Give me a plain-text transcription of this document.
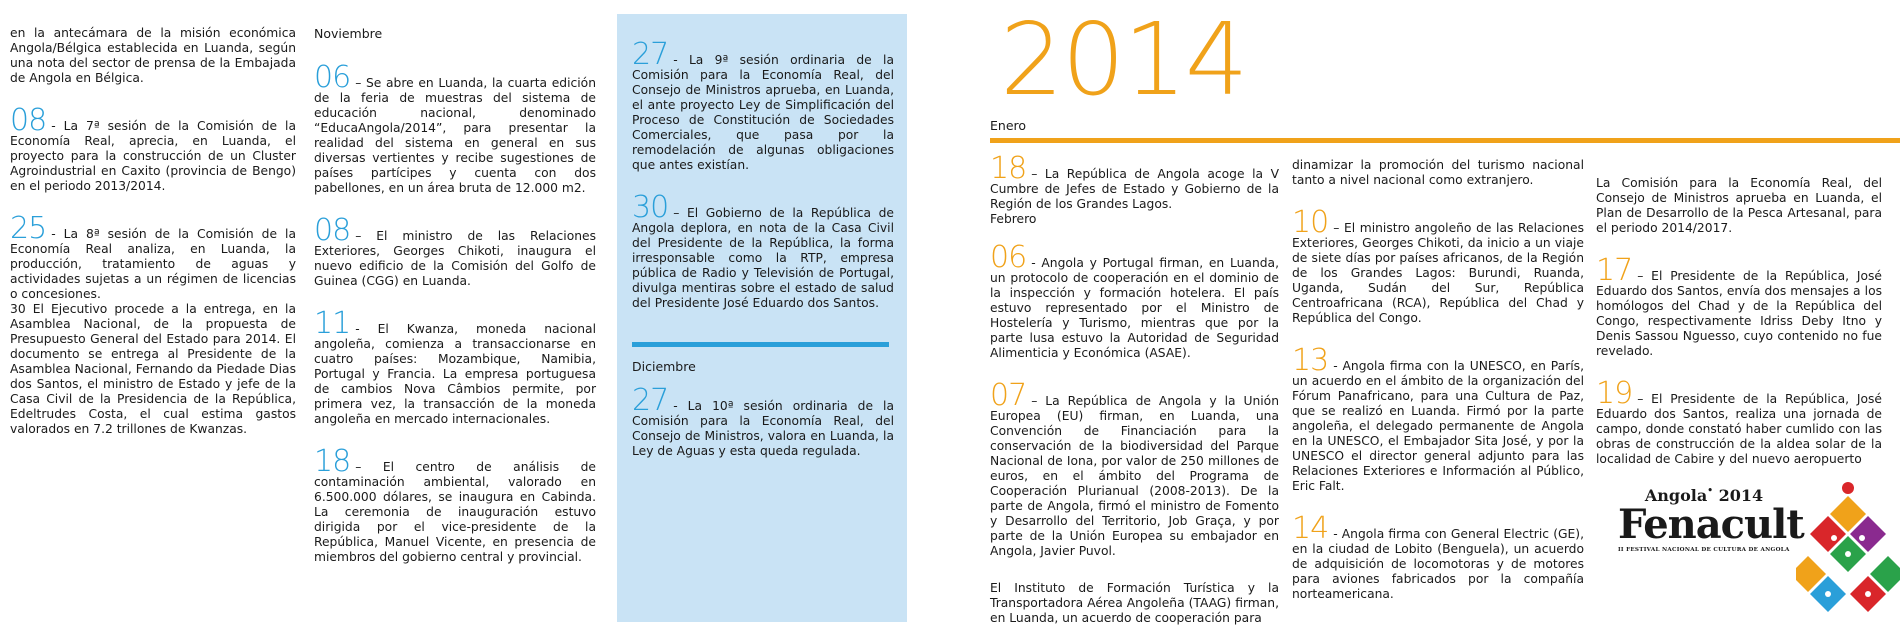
en la antecámara de la misión económica Angola/Bélgica establecida en Luanda, según una nota del sector de prensa de la Embajada de Angola en Bélgica.

08 - La 7ª sesión de la Comisión de la Economía Real, aprecia, en Luanda, el proyecto para la construcción de un Cluster Agroindustrial en Caxito (provincia de Bengo) en el periodo 2013/2014.
25 - La 8ª sesión de la Comisión de la Economía Real analiza, en Luanda, la producción, tratamiento de aguas y actividades sujetas a un régimen de licencias o concesiones.

30 El Ejecutivo procede a la entrega, en la Asamblea Nacional, de la propuesta de Presupuesto General del Estado para 2014. El documento se entrega al Presidente de la Asamblea Nacional, Fernando da Piedade Dias dos Santos, el ministro de Estado y jefe de la Casa Civil de la Presidencia de la República, Edeltrudes Costa, el cual estima gastos valorados en 7.2 trillones de Kwanzas.

Noviembre
06 – Se abre en Luanda, la cuarta edición de la feria de muestras del sistema de educación nacional, denominado “EducaAngola/2014”, para presentar la realidad del sistema en general en sus diversas vertientes y recibe sugestiones de países partícipes y cuenta con dos pabellones, en un área bruta de 12.000 m2.
08 – El ministro de las Relaciones Exteriores, Georges Chikoti, inaugura el nuevo edificio de la Comisión del Golfo de Guinea (CGG) en Luanda.
11 - El Kwanza, moneda nacional angoleña, comienza a transaccionarse en cuatro países: Mozambique, Namibia, Portugal y Francia. La empresa portuguesa de cambios Nova Câmbios permite, por primera vez, la transacción de la moneda angoleña en mercado internacionales.
18 – El centro de análisis de contaminación ambiental, valorado en 6.500.000 dólares, se inaugura en Cabinda. La ceremonia de inauguración estuvo dirigida por el vice-presidente de la República, Manuel Vicente, en presencia de miembros del gobierno central y provincial.
27 - La 9ª sesión ordinaria de la Comisión para la Economía Real, del Consejo de Ministros aprueba, en Luanda, el ante proyecto Ley de Simplificación del Proceso de Constitución de Sociedades Comerciales, que pasa por la remodelación de algunas obligaciones que antes existían.
30 – El Gobierno de la República de Angola deplora, en nota de la Casa Civil del Presidente de la República, la forma irresponsable como la RTP, empresa pública de Radio y Televisión de Portugal, divulga mentiras sobre el estado de salud del Presidente José Eduardo dos Santos.
Diciembre
27 - La 10ª sesión ordinaria de la Comisión para la Economía Real, del Consejo de Ministros, valora en Luanda, la Ley de Aguas y esta queda regulada.
2014
Enero
18 – La República de Angola acoge la V Cumbre de Jefes de Estado y Gobierno de la Región de los Grandes Lagos.
Febrero
06 - Angola y Portugal firman, en Luanda, un protocolo de cooperación en el dominio de la inspección y formación hotelera. El país estuvo representado por el Ministro de Hostelería y Turismo, mientras que por la parte lusa estuvo la Autoridad de Seguridad Alimenticia y Económica (ASAE).
07 – La República de Angola y la Unión Europea (EU) firman, en Luanda, una Convención de Financiación para la conservación de la biodiversidad del Parque Nacional de Iona, por valor de 250 millones de euros, en el ámbito del Programa de Cooperación Plurianual (2008-2013). De la parte de Angola, firmó el ministro de Fomento y Desarrollo del Territorio, Job Graça, y por parte de la Unión Europea su embajador en Angola, Javier Puvol.

El Instituto de Formación Turística y la Transportadora Aérea Angoleña (TAAG) firman, en Luanda, un acuerdo de cooperación para

dinamizar la promoción del turismo nacional tanto a nivel nacional como extranjero.

10 – El ministro angoleño de las Relaciones Exteriores, Georges Chikoti, da inicio a un viaje de siete días por países africanos, de la Región de los Grandes Lagos: Burundi, Ruanda, Uganda, Sudán del Sur, República Centroafricana (RCA), República del Chad y República del Congo.
13 - Angola firma con la UNESCO, en París, un acuerdo en el ámbito de la organización del Fórum Panafricano, para una Cultura de Paz, que se realizó en Luanda. Firmó por la parte angoleña, el delegado permanente de Angola en la UNESCO, el Embajador Sita José, y por la UNESCO el director general adjunto para las Relaciones Exteriores e Información al Público, Eric Falt.
14 - Angola firma con General Electric (GE), en la ciudad de Lobito (Benguela), un acuerdo de adquisición de locomotoras y de motores para aviones fabricados por la compañía norteamericana.

La Comisión para la Economía Real, del Consejo de Ministros aprueba en Luanda, el Plan de Desarrollo de la Pesca Artesanal, para el periodo 2014/2017.

17 – El Presidente de la República, José Eduardo dos Santos, envía dos mensajes a los homólogos del Chad y de la República del Congo, respectivamente Idriss Deby Itno y Denis Sassou Nguesso, cuyo contenido no fue revelado.
19 – El Presidente de la República, José Eduardo dos Santos, realiza una jornada de campo, donde constató haber cumlido con las obras de construcción de la aldea solar de la localidad de Cabire y del nuevo aeropuerto
Angola• 2014
Fenacult
II FESTIVAL NACIONAL DE CULTURA DE ANGOLA
